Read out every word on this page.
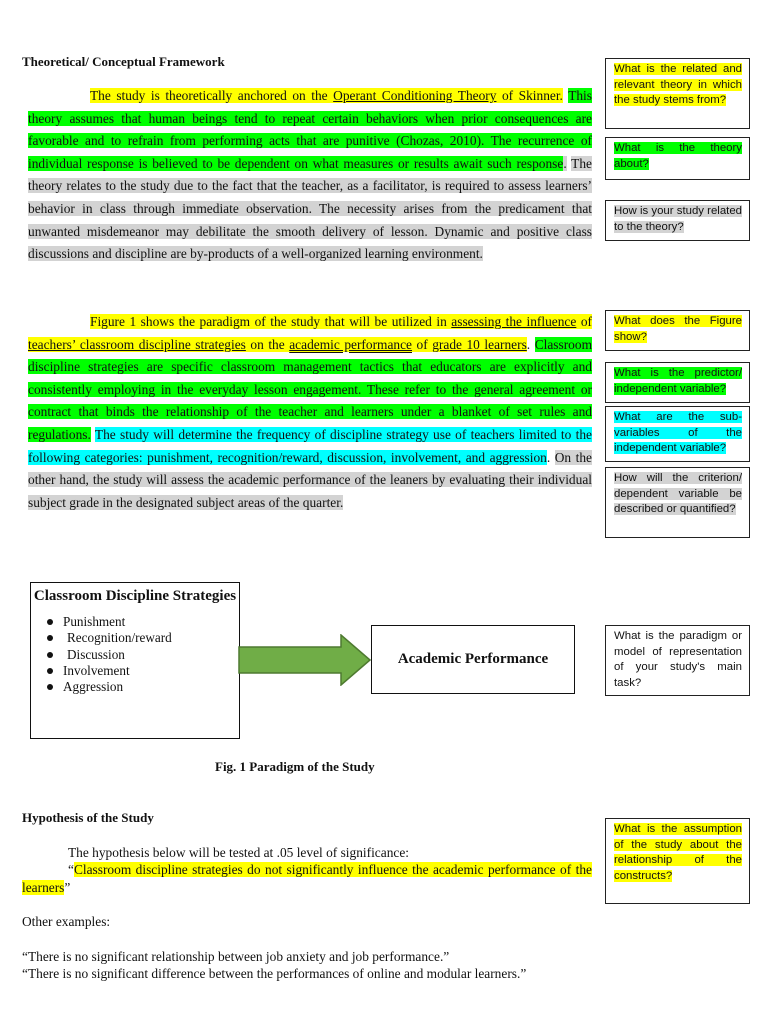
Theoretical/ Conceptual Framework

The study is theoretically anchored on the Operant Conditioning Theory of Skinner. This theory assumes that human beings tend to repeat certain behaviors when prior consequences are favorable and to refrain from performing acts that are punitive (Chozas, 2010). The recurrence of individual response is believed to be dependent on what measures or results await such response. The theory relates to the study due to the fact that the teacher, as a facilitator, is required to assess learners’ behavior in class through immediate observation. The necessity arises from the predicament that unwanted misdemeanor may debilitate the smooth delivery of lesson. Dynamic and positive class discussions and discipline are by-products of a well-organized learning environment.

Figure 1 shows the paradigm of the study that will be utilized in assessing the influence of teachers’ classroom discipline strategies on the academic performance of grade 10 learners. Classroom discipline strategies are specific classroom management tactics that educators are explicitly and consistently employing in the everyday lesson engagement. These refer to the general agreement or contract that binds the relationship of the teacher and learners under a blanket of set rules and regulations. The study will determine the frequency of discipline strategy use of teachers limited to the following categories: punishment, recognition/reward, discussion, involvement, and aggression. On the other hand, the study will assess the academic performance of the leaners by evaluating their individual subject grade in the designated subject areas of the quarter.

What is the related and relevant theory in which the study stems from?
What is the theory about?
How is your study related to the theory?
What does the Figure show?
What is the predictor/ independent variable?
What are the sub-variables of the independent variable?
How will the criterion/ dependent variable be described or quantified?
What is the paradigm or model of representation of your study's main task?
What is the assumption of the study about the relationship of the constructs?

Classroom Discipline Strategies

Punishment
Recognition/reward
Discussion
Involvement
Aggression
Academic Performance

Fig. 1 Paradigm of the Study

Hypothesis of the Study

The hypothesis below will be tested at .05 level of significance:

“Classroom discipline strategies do not significantly influence the academic performance of the learners”

Other examples:

“There is no significant relationship between job anxiety and job performance.”

“There is no significant difference between the performances of online and modular learners.”
